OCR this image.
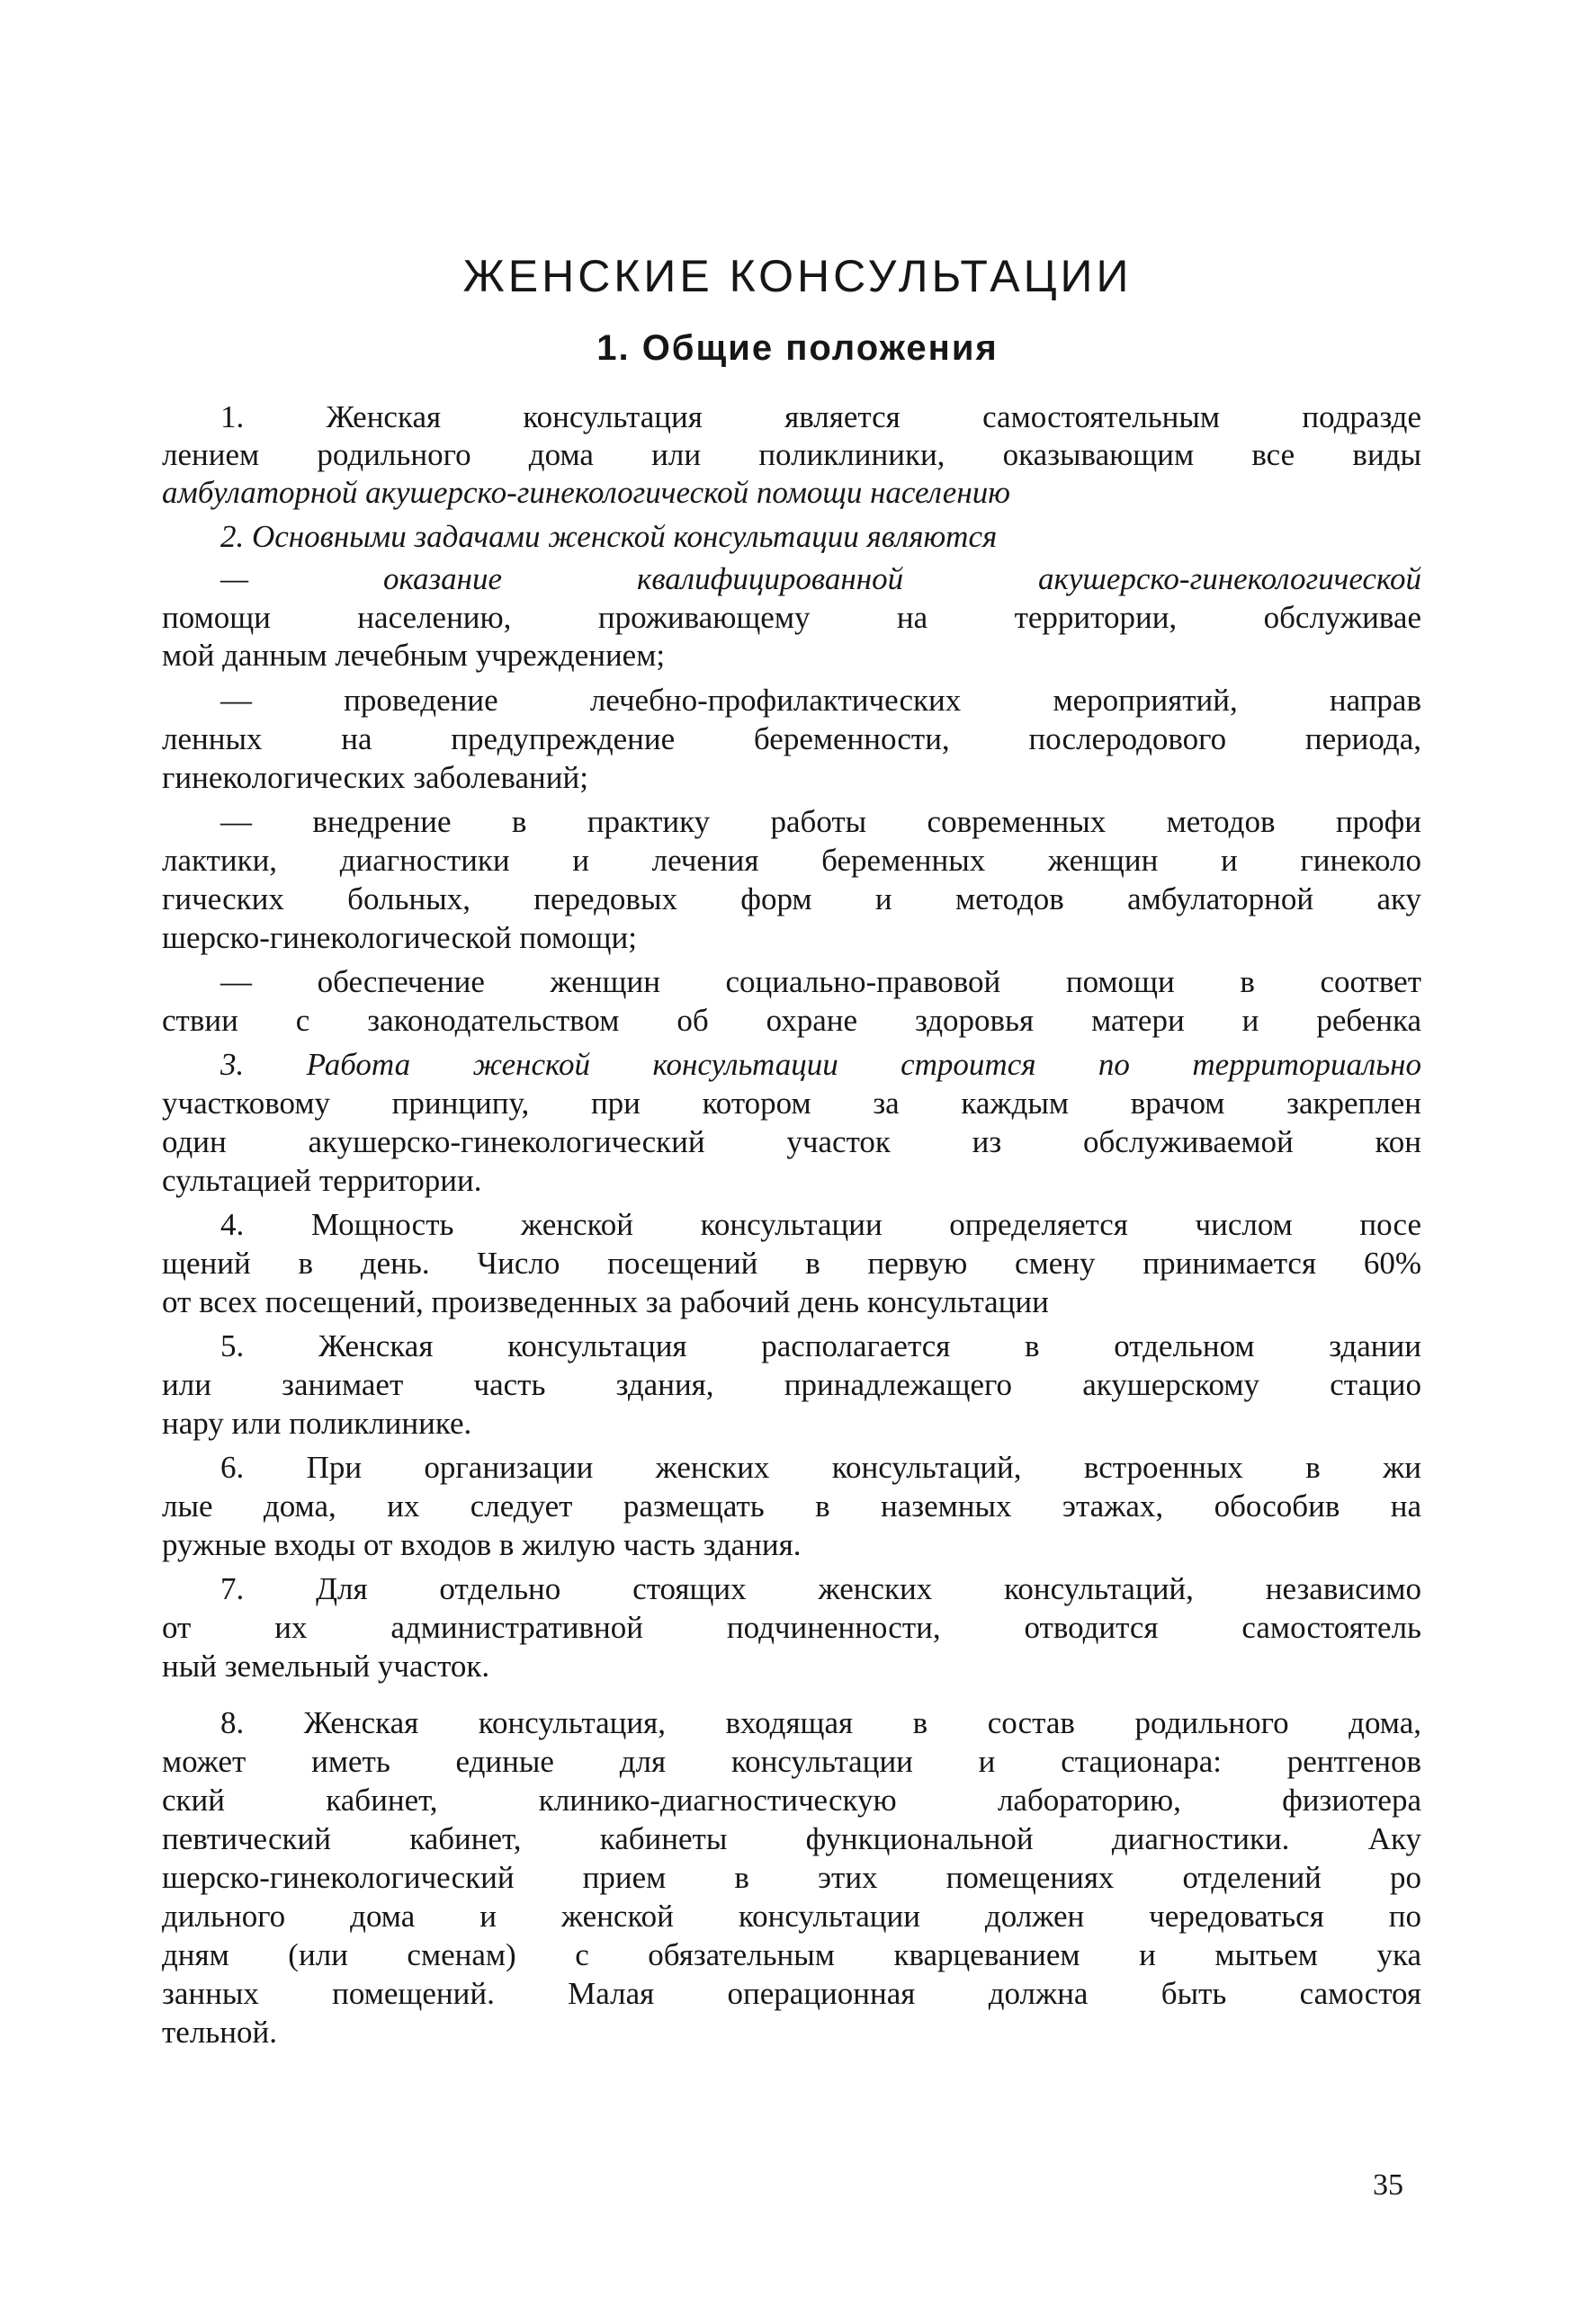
ЖЕНСКИЕ КОНСУЛЬТАЦИИ
1. Общие положения
1. Женская консультация является самостоятельным подразде
лением родильного дома или поликлиники, оказывающим все виды
амбулаторной акушерско-гинекологической помощи населению
2. Основными задачами женской консультации являются
— оказание квалифицированной акушерско-гинекологической
помощи населению, проживающему на территории, обслуживае
мой данным лечебным учреждением;
— проведение лечебно-профилактических мероприятий, направ
ленных на предупреждение беременности, послеродового периода,
гинекологических заболеваний;
— внедрение в практику работы современных методов профи
лактики, диагностики и лечения беременных женщин и гинеколо
гических больных, передовых форм и методов амбулаторной аку
шерско-гинекологической помощи;
— обеспечение женщин социально-правовой помощи в соответ
ствии с законодательством об охране здоровья матери и ребенка
3. Работа женской консультации строится по территориально
участковому принципу, при котором за каждым врачом закреплен
один акушерско-гинекологический участок из обслуживаемой кон
сультацией территории.
4. Мощность женской консультации определяется числом посе
щений в день. Число посещений в первую смену принимается 60%
от всех посещений, произведенных за рабочий день консультации
5. Женская консультация располагается в отдельном здании
или занимает часть здания, принадлежащего акушерскому стацио
нару или поликлинике.
6. При организации женских консультаций, встроенных в жи
лые дома, их следует размещать в наземных этажах, обособив на
ружные входы от входов в жилую часть здания.
7. Для отдельно стоящих женских консультаций, независимо
от их административной подчиненности, отводится самостоятель
ный земельный участок.
8. Женская консультация, входящая в состав родильного дома,
может иметь единые для консультации и стационара: рентгенов
ский кабинет, клинико-диагностическую лабораторию, физиотера
певтический кабинет, кабинеты функциональной диагностики. Аку
шерско-гинекологический прием в этих помещениях отделений ро
дильного дома и женской консультации должен чередоваться по
дням (или сменам) с обязательным кварцеванием и мытьем ука
занных помещений. Малая операционная должна быть самостоя
тельной.

35
